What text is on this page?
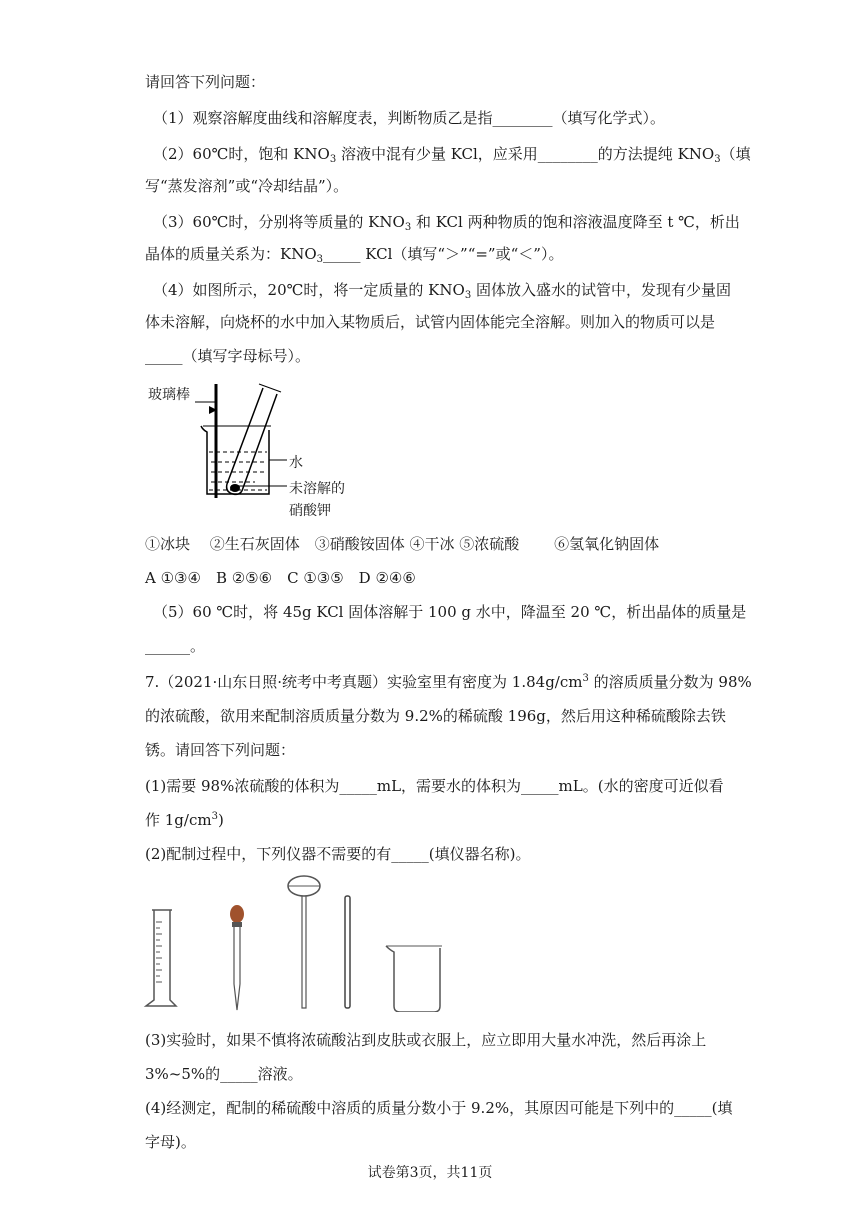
请回答下列问题：
（1）观察溶解度曲线和溶解度表，判断物质乙是指________（填写化学式）。
（2）60℃时，饱和 $KNO_3$ 溶液中混有少量 KCl，应采用________的方法提纯 $KNO_3$（填
写“蒸发溶剂”或“冷却结晶”）。
（3）60℃时，分别将等质量的 $KNO_3$ 和 KCl 两种物质的饱和溶液温度降至 t ℃，析出
晶体的质量关系为：$KNO_3\_\_\_\_\_$ KCl（填写“＞”“=”或“＜”）。
（4）如图所示，20℃时，将一定质量的 $KNO_3$ 固体放入盛水的试管中，发现有少量固
体未溶解，向烧杯的水中加入某物质后，试管内固体能完全溶解。则加入的物质可以是
_____（填写字母标号）。
玻璃棒
水
未溶解的
硝酸钾
①冰块　 ②生石灰固体　③硝酸铵固体 ④干冰 ⑤浓硫酸　　 ⑥氢氧化钠固体
A ①③④　B ②⑤⑥　C ①③⑤　D ②④⑥
（5）60 ℃时，将 45g KCl 固体溶解于 100 g 水中，降温至 20 ℃，析出晶体的质量是
______。
7.（2021·山东日照·统考中考真题）实验室里有密度为 $1.84g/cm^3$ 的溶质质量分数为 98%
的浓硫酸，欲用来配制溶质质量分数为 9.2%的稀硫酸 196g，然后用这种稀硫酸除去铁
锈。请回答下列问题：
(1)需要 98%浓硫酸的体积为_____mL，需要水的体积为_____mL。(水的密度可近似看
作 $1g/cm^3$)
(2)配制过程中，下列仪器不需要的有_____(填仪器名称)。
(3)实验时，如果不慎将浓硫酸沾到皮肤或衣服上，应立即用大量水冲洗，然后再涂上
3%~5%的_____溶液。
(4)经测定，配制的稀硫酸中溶质的质量分数小于 9.2%，其原因可能是下列中的_____(填
字母)。
试卷第3页，共11页
